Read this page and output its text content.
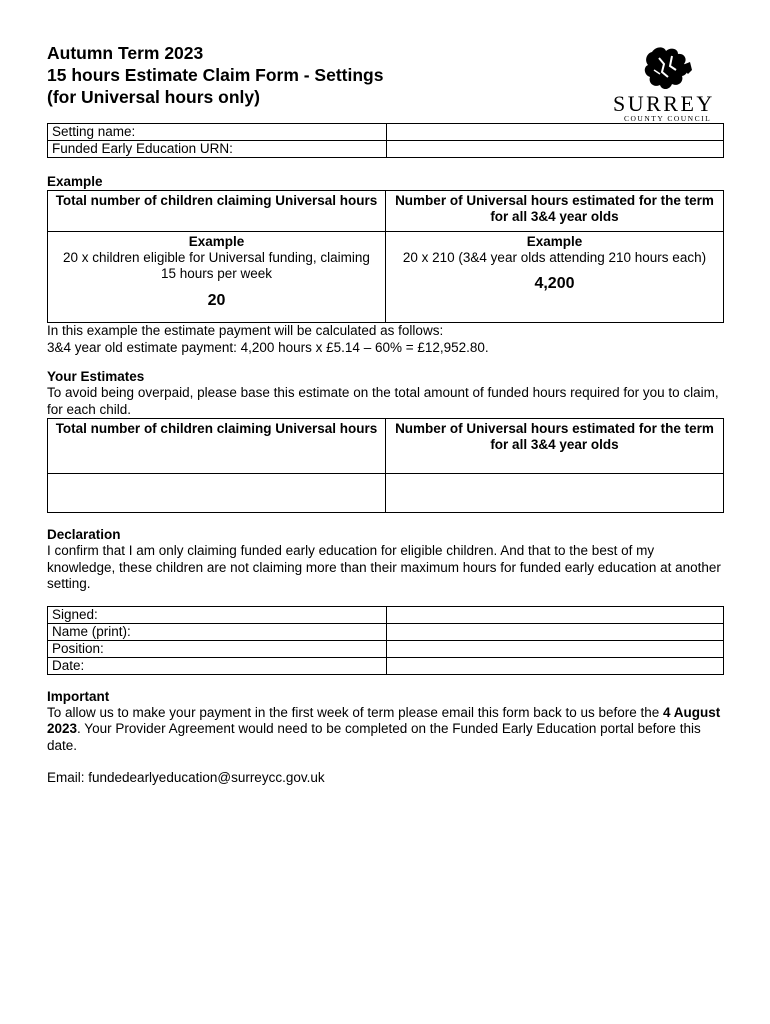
SURREY
COUNTY COUNCIL
Autumn Term 2023
15 hours Estimate Claim Form - Settings
(for Universal hours only)
Setting name:	
Funded Early Education URN:	

Example

Total number of children claiming Universal hours	Number of Universal hours estimated for the term for all 3&4 year olds
Example
20 x children eligible for Universal funding, claiming 15 hours per week
20	Example
20 x 210 (3&4 year olds attending 210 hours each)
4,200

In this example the estimate payment will be calculated as follows:

3&4 year old estimate payment: 4,200 hours x £5.14 – 60% = £12,952.80.

Your Estimates

To avoid being overpaid, please base this estimate on the total amount of funded hours required for you to claim, for each child.

Total number of children claiming Universal hours	Number of Universal hours estimated for the term for all 3&4 year olds

Declaration

I confirm that I am only claiming funded early education for eligible children. And that to the best of my knowledge, these children are not claiming more than their maximum hours for funded early education at another setting.

Signed:	
Name (print):	
Position:	
Date:	

Important

To allow us to make your payment in the first week of term please email this form back to us before the 4 August 2023. Your Provider Agreement would need to be completed on the Funded Early Education portal before this date.

Email: fundedearlyeducation@surreycc.gov.uk
